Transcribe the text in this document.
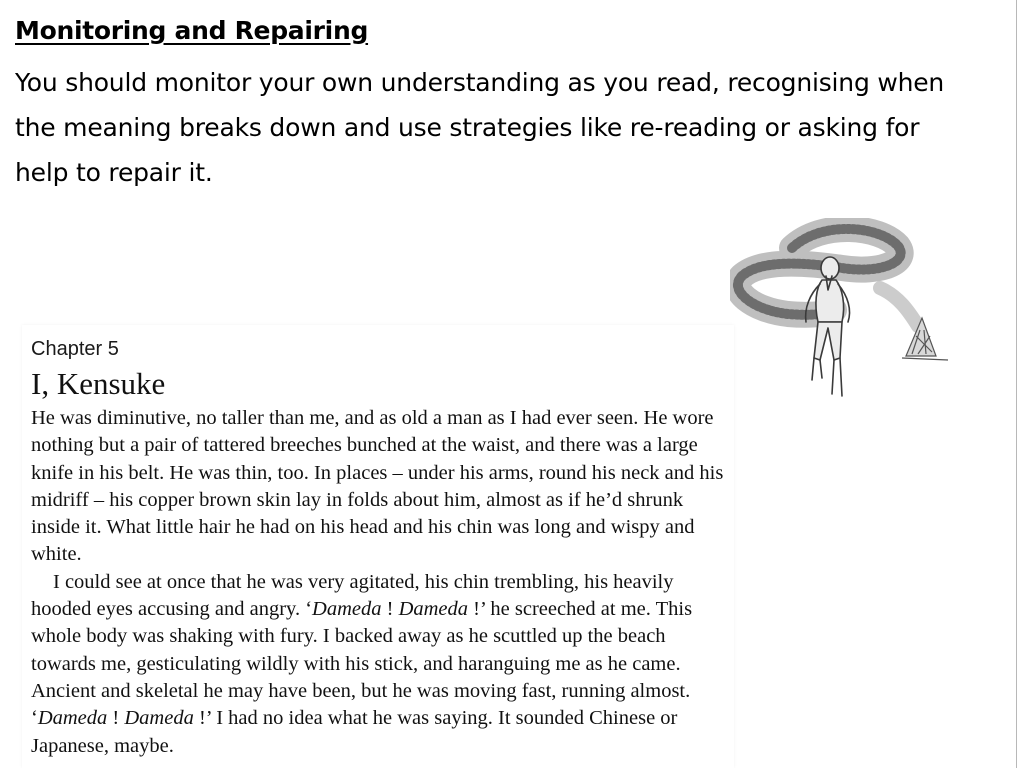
Monitoring and Repairing
You should monitor your own understanding as you read, recognising when the meaning breaks down and use strategies like re-reading or asking for help to repair it.
Chapter 5
I, Kensuke

He was diminutive, no taller than me, and as old a man as I had ever seen. He wore nothing but a pair of tattered breeches bunched at the waist, and there was a large knife in his belt. He was thin, too. In places – under his arms, round his neck and his midriff – his copper brown skin lay in folds about him, almost as if he’d shrunk inside it. What little hair he had on his head and his chin was long and wispy and white.

I could see at once that he was very agitated, his chin trembling, his heavily hooded eyes accusing and angry. ‘Dameda ! Dameda !’ he screeched at me. This whole body was shaking with fury. I backed away as he scuttled up the beach towards me, gesticulating wildly with his stick, and haranguing me as he came. Ancient and skeletal he may have been, but he was moving fast, running almost. ‘Dameda ! Dameda !’ I had no idea what he was saying. It sounded Chinese or Japanese, maybe.
